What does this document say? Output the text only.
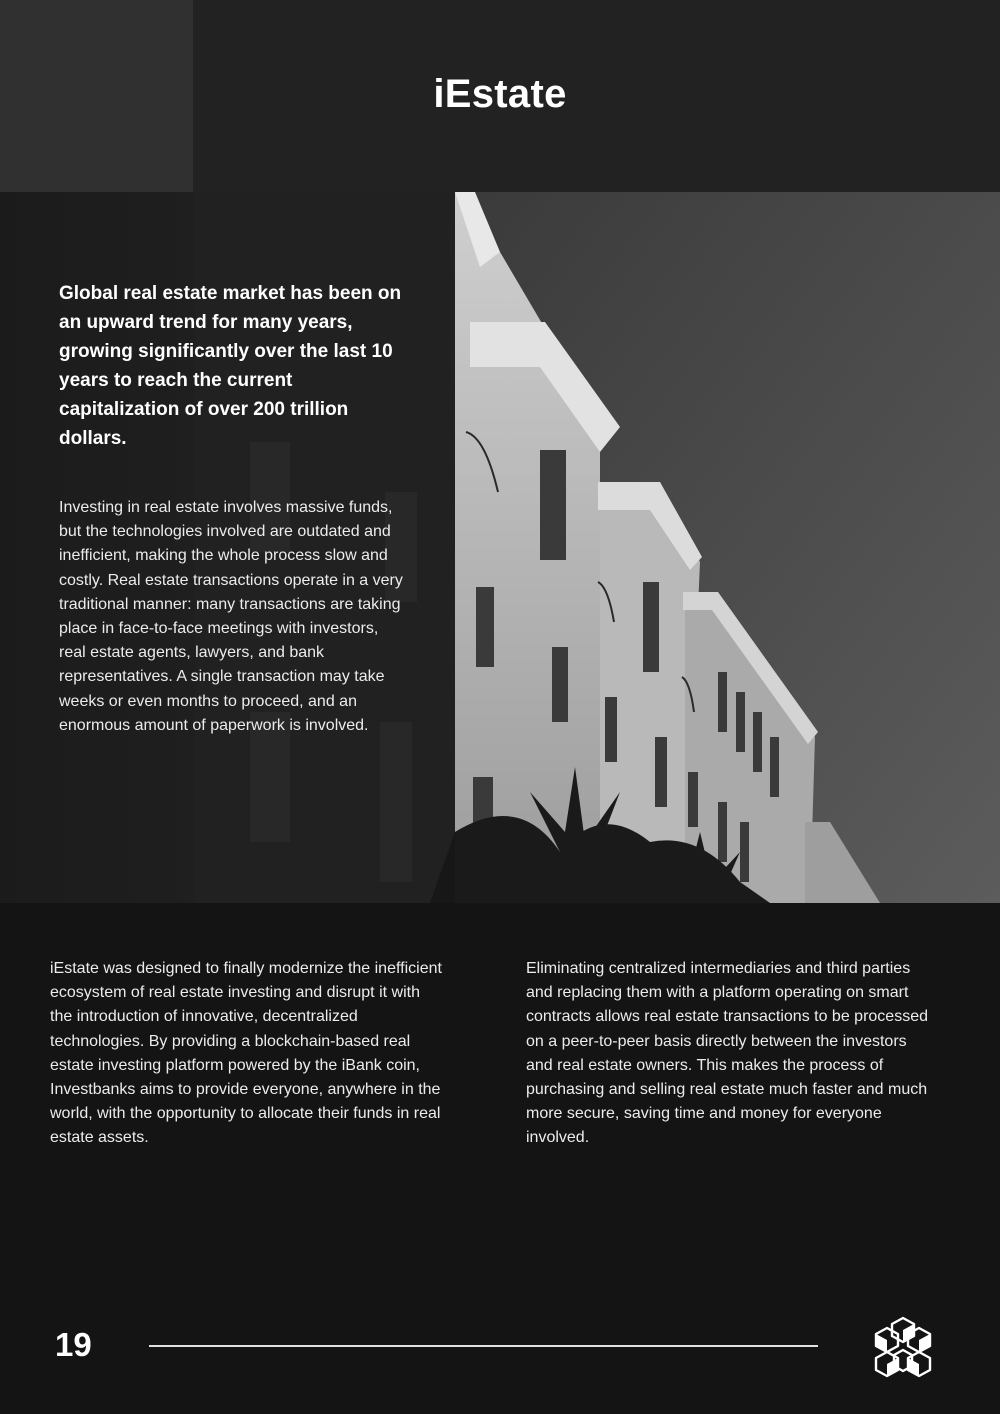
iEstate

Global real estate market has been on an upward trend for many years, growing significantly over the last 10 years to reach the current capitalization of over 200 trillion dollars.

Investing in real estate involves massive funds, but the technologies involved are outdated and inefficient, making the whole process slow and costly. Real estate transactions operate in a very traditional manner: many transactions are taking place in face-to-face meetings with investors, real estate agents, lawyers, and bank representatives. A single transaction may take weeks or even months to proceed, and an enormous amount of paperwork is involved.

iEstate was designed to finally modernize the inefficient ecosystem of real estate investing and disrupt it with the introduction of innovative, decentralized technologies. By providing a blockchain-based real estate investing platform powered by the iBank coin, Investbanks aims to provide everyone, anywhere in the world, with the opportunity to allocate their funds in real estate assets.

Eliminating centralized intermediaries and third parties and replacing them with a platform operating on smart contracts allows real estate transactions to be processed on a peer-to-peer basis directly between the investors and real estate owners. This makes the process of purchasing and selling real estate much faster and much more secure, saving time and money for everyone involved.

19
